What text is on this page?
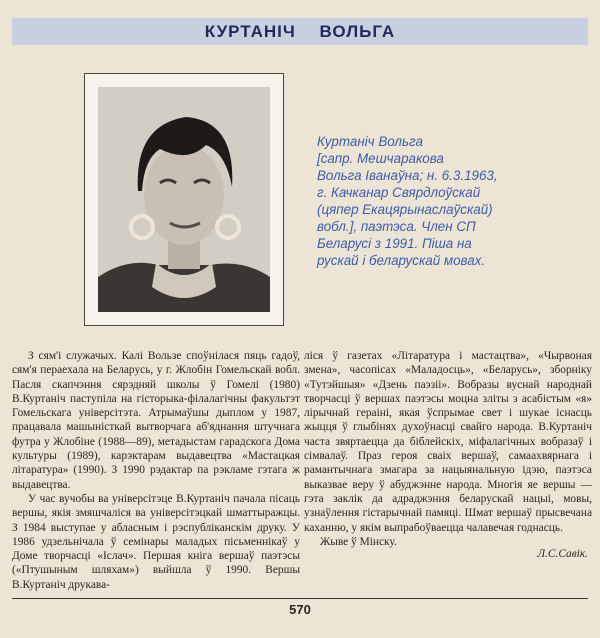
КУРТАНІЧ ВОЛЬГА
Куртаніч Вольга
[сапр. Мешчаракова
Вольга Іванаўна; н. 6.3.1963,
г. Качканар Свярдлоўскай
(цяпер Екацярынаслаўскай)
вобл.], паэтэса. Член СП
Беларусі з 1991. Піша на
рускай і беларускай мовах.

З сям'і служачых. Калі Вользе споўнілася пяць гадоў, сям'я пераехала на Беларусь, у г. Жлобін Гомельскай вобл. Пасля скапчэння сярэдняй школы ў Гомелі (1980) В.Куртаніч паступіла на гісторыка-філалагічны факультэт Гомельскага універсітэта. Атрымаўшы дыплом у 1987, працавала машыністкай вытворчага аб'яднання штучнага футра у Жлобіне (1988—89), метадыстам гарадскога Дома культуры (1989), карэктарам выдавецтва «Мастацкая літаратура» (1990). З 1990 рэдактар па рэкламе гэтага ж выдавецтва.

У час вучобы ва універсітэце В.Куртаніч пачала пісаць вершы, якія змяшчаліся ва універсітэцкай шматтыражцы. З 1984 выступае у абласным і рэспубліканскім друку. У 1986 удзельнічала ў семінары маладых пісьменнікаў у Доме творчасці «Іслач». Першая кніга вершаў паэтэсы («Птушыным шляхам») выйшла ў 1990. Вершы В.Куртаніч друкава-

ліся ў газетах «Літаратура і мастацтва», «Чырвоная змена», часопісах «Маладосць», «Беларусь», зборніку «Тутэйшыя» «Дзень паэзіі». Вобразы вуснай народнай творчасці ў вершах паэтэсы моцна зліты з асабістым «я» лірычнай гераіні, якая ўспрымае свет і шукае існасць жыцця ў глыбінях духоўнасці свайго народа. В.Куртаніч часта звяртаецца да біблейскіх, міфалагічных вобразаў і сімвалаў. Праз героя сваіх вершаў, самаахвярнага і рамантычнага змагара за нацыянальную ідэю, паэтэса выказвае веру ў абуджэнне народа. Многія яе вершы — гэта заклік да адраджэння беларускай нацыі, мовы, узнаўлення гістарычнай памяці. Шмат вершаў прысвечана каханню, у якім выпрабоўваецца чалавечая годнасць.

Жыве ў Мінску.

Л.С.Савік.
570
